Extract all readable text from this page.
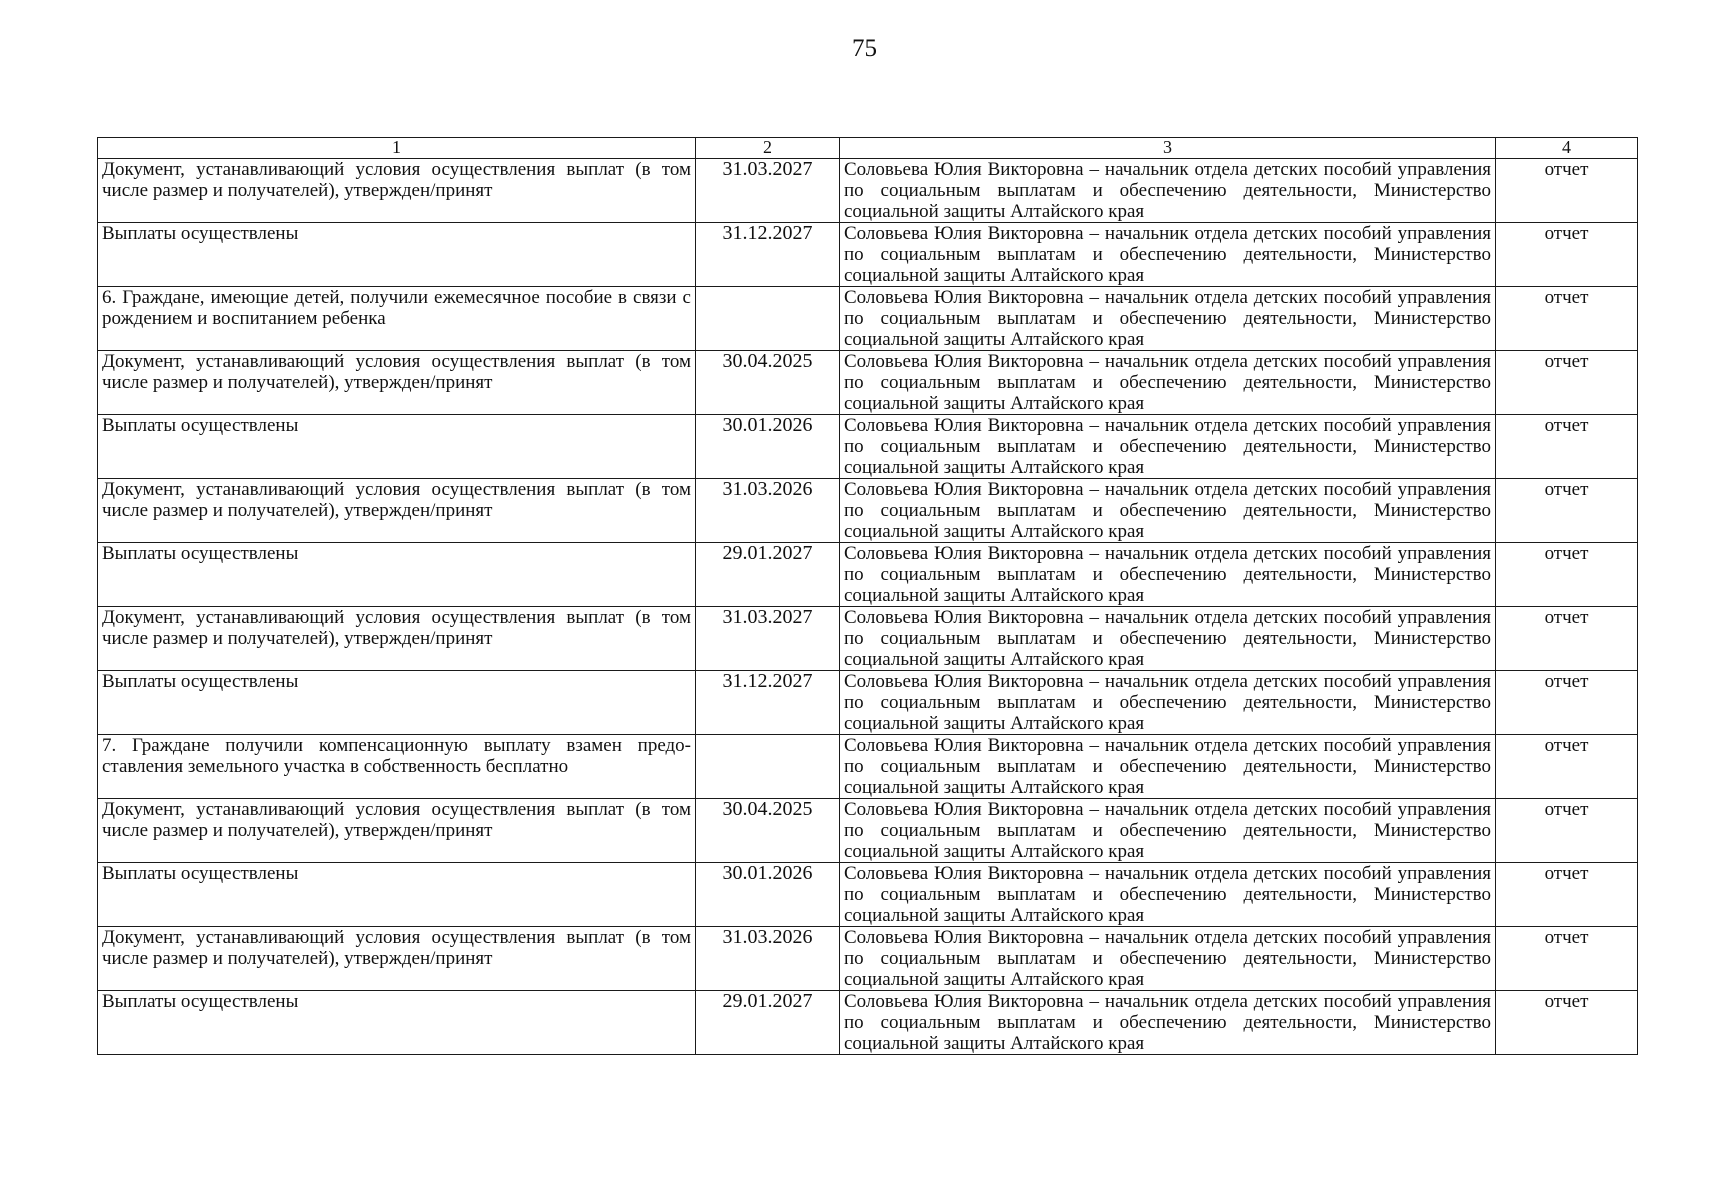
75
1	2	3	4
Документ, устанавливающий условия осуществления выплат (в том числе размер и получателей), утвержден/принят	31.03.2027	Соловьева Юлия Викторовна – начальник отдела детских пособий управления по социальным выплатам и обеспечению деятельности, Министерство социальной защиты Алтайского края	отчет
Выплаты осуществлены	31.12.2027	Соловьева Юлия Викторовна – начальник отдела детских пособий управления по социальным выплатам и обеспечению деятельности, Министерство социальной защиты Алтайского края	отчет
6. Граждане, имеющие детей, получили ежемесячное пособие в связи с рождением и воспитанием ребенка		Соловьева Юлия Викторовна – начальник отдела детских пособий управления по социальным выплатам и обеспечению деятельности, Министерство социальной защиты Алтайского края	отчет
Документ, устанавливающий условия осуществления выплат (в том числе размер и получателей), утвержден/принят	30.04.2025	Соловьева Юлия Викторовна – начальник отдела детских пособий управления по социальным выплатам и обеспечению деятельности, Министерство социальной защиты Алтайского края	отчет
Выплаты осуществлены	30.01.2026	Соловьева Юлия Викторовна – начальник отдела детских пособий управления по социальным выплатам и обеспечению деятельности, Министерство социальной защиты Алтайского края	отчет
Документ, устанавливающий условия осуществления выплат (в том числе размер и получателей), утвержден/принят	31.03.2026	Соловьева Юлия Викторовна – начальник отдела детских пособий управления по социальным выплатам и обеспечению деятельности, Министерство социальной защиты Алтайского края	отчет
Выплаты осуществлены	29.01.2027	Соловьева Юлия Викторовна – начальник отдела детских пособий управления по социальным выплатам и обеспечению деятельности, Министерство социальной защиты Алтайского края	отчет
Документ, устанавливающий условия осуществления выплат (в том числе размер и получателей), утвержден/принят	31.03.2027	Соловьева Юлия Викторовна – начальник отдела детских пособий управления по социальным выплатам и обеспечению деятельности, Министерство социальной защиты Алтайского края	отчет
Выплаты осуществлены	31.12.2027	Соловьева Юлия Викторовна – начальник отдела детских пособий управления по социальным выплатам и обеспечению деятельности, Министерство социальной защиты Алтайского края	отчет
7. Граждане получили компенсационную выплату взамен предоставления земельного участка в собственность бесплатно		Соловьева Юлия Викторовна – начальник отдела детских пособий управления по социальным выплатам и обеспечению деятельности, Министерство социальной защиты Алтайского края	отчет
Документ, устанавливающий условия осуществления выплат (в том числе размер и получателей), утвержден/принят	30.04.2025	Соловьева Юлия Викторовна – начальник отдела детских пособий управления по социальным выплатам и обеспечению деятельности, Министерство социальной защиты Алтайского края	отчет
Выплаты осуществлены	30.01.2026	Соловьева Юлия Викторовна – начальник отдела детских пособий управления по социальным выплатам и обеспечению деятельности, Министерство социальной защиты Алтайского края	отчет
Документ, устанавливающий условия осуществления выплат (в том числе размер и получателей), утвержден/принят	31.03.2026	Соловьева Юлия Викторовна – начальник отдела детских пособий управления по социальным выплатам и обеспечению деятельности, Министерство социальной защиты Алтайского края	отчет
Выплаты осуществлены	29.01.2027	Соловьева Юлия Викторовна – начальник отдела детских пособий управления по социальным выплатам и обеспечению деятельности, Министерство социальной защиты Алтайского края	отчет
